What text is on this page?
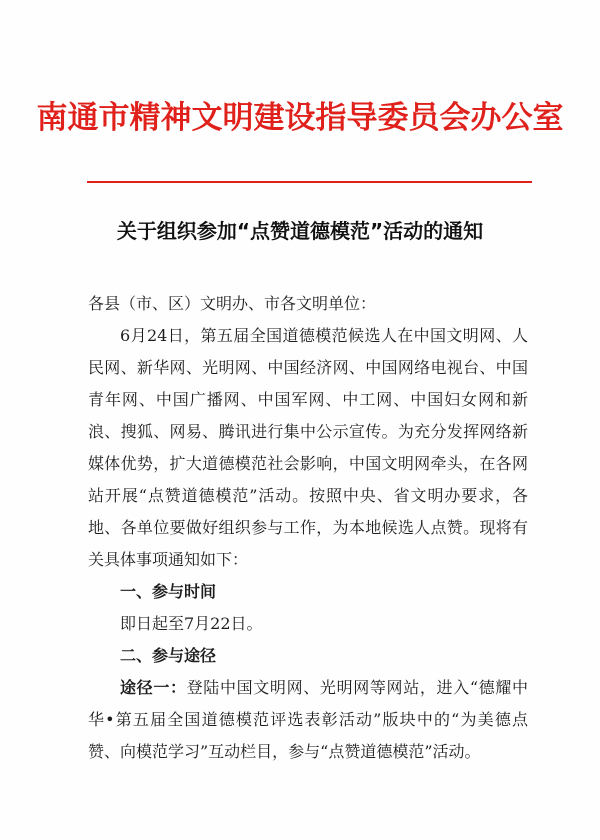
南通市精神文明建设指导委员会办公室
关于组织参加“点赞道德模范”活动的通知

各县（市、区）文明办、市各文明单位：

6月24日，第五届全国道德模范候选人在中国文明网、人民网、新华网、光明网、中国经济网、中国网络电视台、中国青年网、中国广播网、中国军网、中工网、中国妇女网和新浪、搜狐、网易、腾讯进行集中公示宣传。为充分发挥网络新媒体优势，扩大道德模范社会影响，中国文明网牵头，在各网站开展“点赞道德模范”活动。按照中央、省文明办要求，各地、各单位要做好组织参与工作，为本地候选人点赞。现将有关具体事项通知如下：

一、参与时间

即日起至7月22日。

二、参与途径

途径一：登陆中国文明网、光明网等网站，进入“德耀中华•第五届全国道德模范评选表彰活动”版块中的“为美德点赞、向模范学习”互动栏目，参与“点赞道德模范”活动。
